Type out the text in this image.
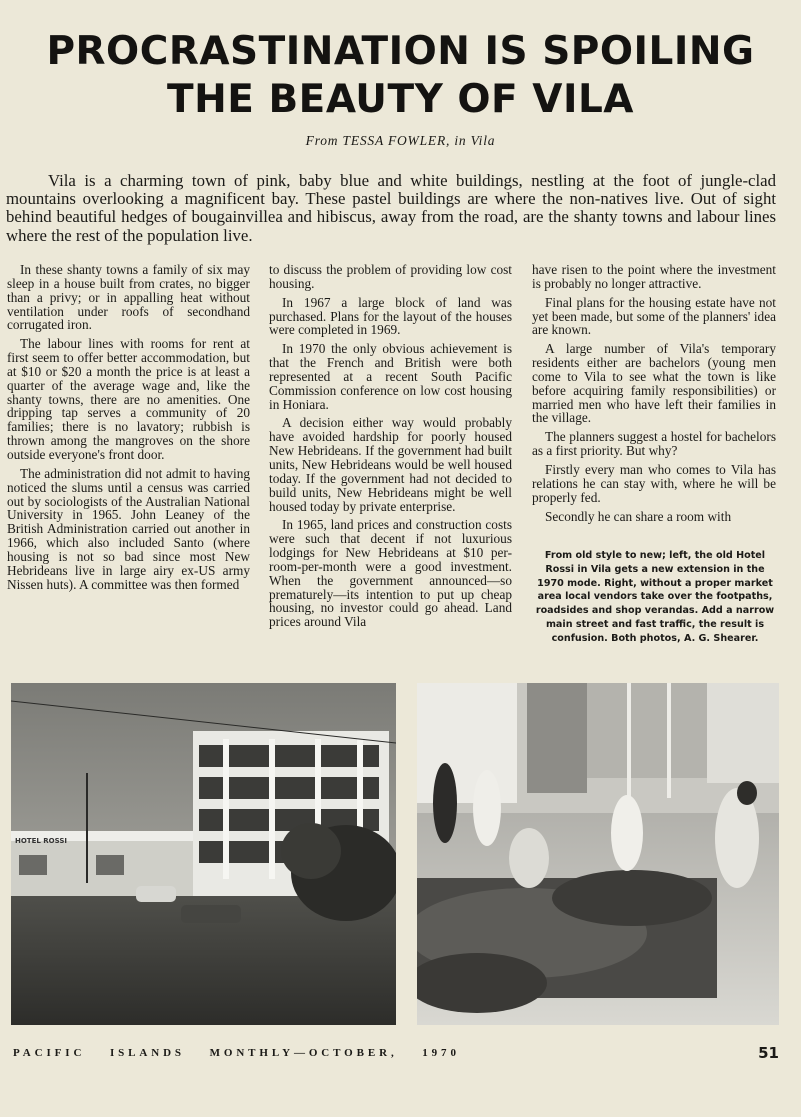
PROCRASTINATION IS SPOILING
THE BEAUTY OF VILA
From TESSA FOWLER, in Vila

Vila is a charming town of pink, baby blue and white buildings, nestling at the foot of jungle-clad mountains overlooking a magnificent bay. These pastel buildings are where the non-natives live. Out of sight behind beautiful hedges of bougainvillea and hibiscus, away from the road, are the shanty towns and labour lines where the rest of the population live.

In these shanty towns a family of six may sleep in a house built from crates, no bigger than a privy; or in appalling heat without ventilation under roofs of secondhand corrugated iron.

The labour lines with rooms for rent at first seem to offer better accommodation, but at $10 or $20 a month the price is at least a quarter of the average wage and, like the shanty towns, there are no amenities. One dripping tap serves a community of 20 families; there is no lavatory; rubbish is thrown among the mangroves on the shore outside everyone's front door.

The administration did not admit to having noticed the slums until a census was carried out by sociologists of the Australian National University in 1965. John Leaney of the British Administration carried out another in 1966, which also included Santo (where housing is not so bad since most New Hebrideans live in large airy ex-US army Nissen huts). A committee was then formed

to discuss the problem of providing low cost housing.

In 1967 a large block of land was purchased. Plans for the layout of the houses were completed in 1969.

In 1970 the only obvious achievement is that the French and British were both represented at a recent South Pacific Commission conference on low cost housing in Honiara.

A decision either way would probably have avoided hardship for poorly housed New Hebrideans. If the government had built units, New Hebrideans would be well housed today. If the government had not decided to build units, New Hebrideans might be well housed today by private enterprise.

In 1965, land prices and construction costs were such that decent if not luxurious lodgings for New Hebrideans at $10 per-room-per-month were a good investment. When the government announced—so prematurely—its intention to put up cheap housing, no investor could go ahead. Land prices around Vila

have risen to the point where the investment is probably no longer attractive.

Final plans for the housing estate have not yet been made, but some of the planners' idea are known.

A large number of Vila's temporary residents either are bachelors (young men come to Vila to see what the town is like before acquiring family responsibilities) or married men who have left their families in the village.

The planners suggest a hostel for bachelors as a first priority. But why?

Firstly every man who comes to Vila has relations he can stay with, where he will be properly fed.

Secondly he can share a room with

From old style to new; left, the old Hotel Rossi in Vila gets a new extension in the 1970 mode. Right, without a proper market area local vendors take over the footpaths, roadsides and shop verandas. Add a narrow main street and fast traffic, the result is confusion. Both photos, A. G. Shearer.

HOTEL ROSSI
PACIFIC ISLANDS MONTHLY—OCTOBER, 1970	51
